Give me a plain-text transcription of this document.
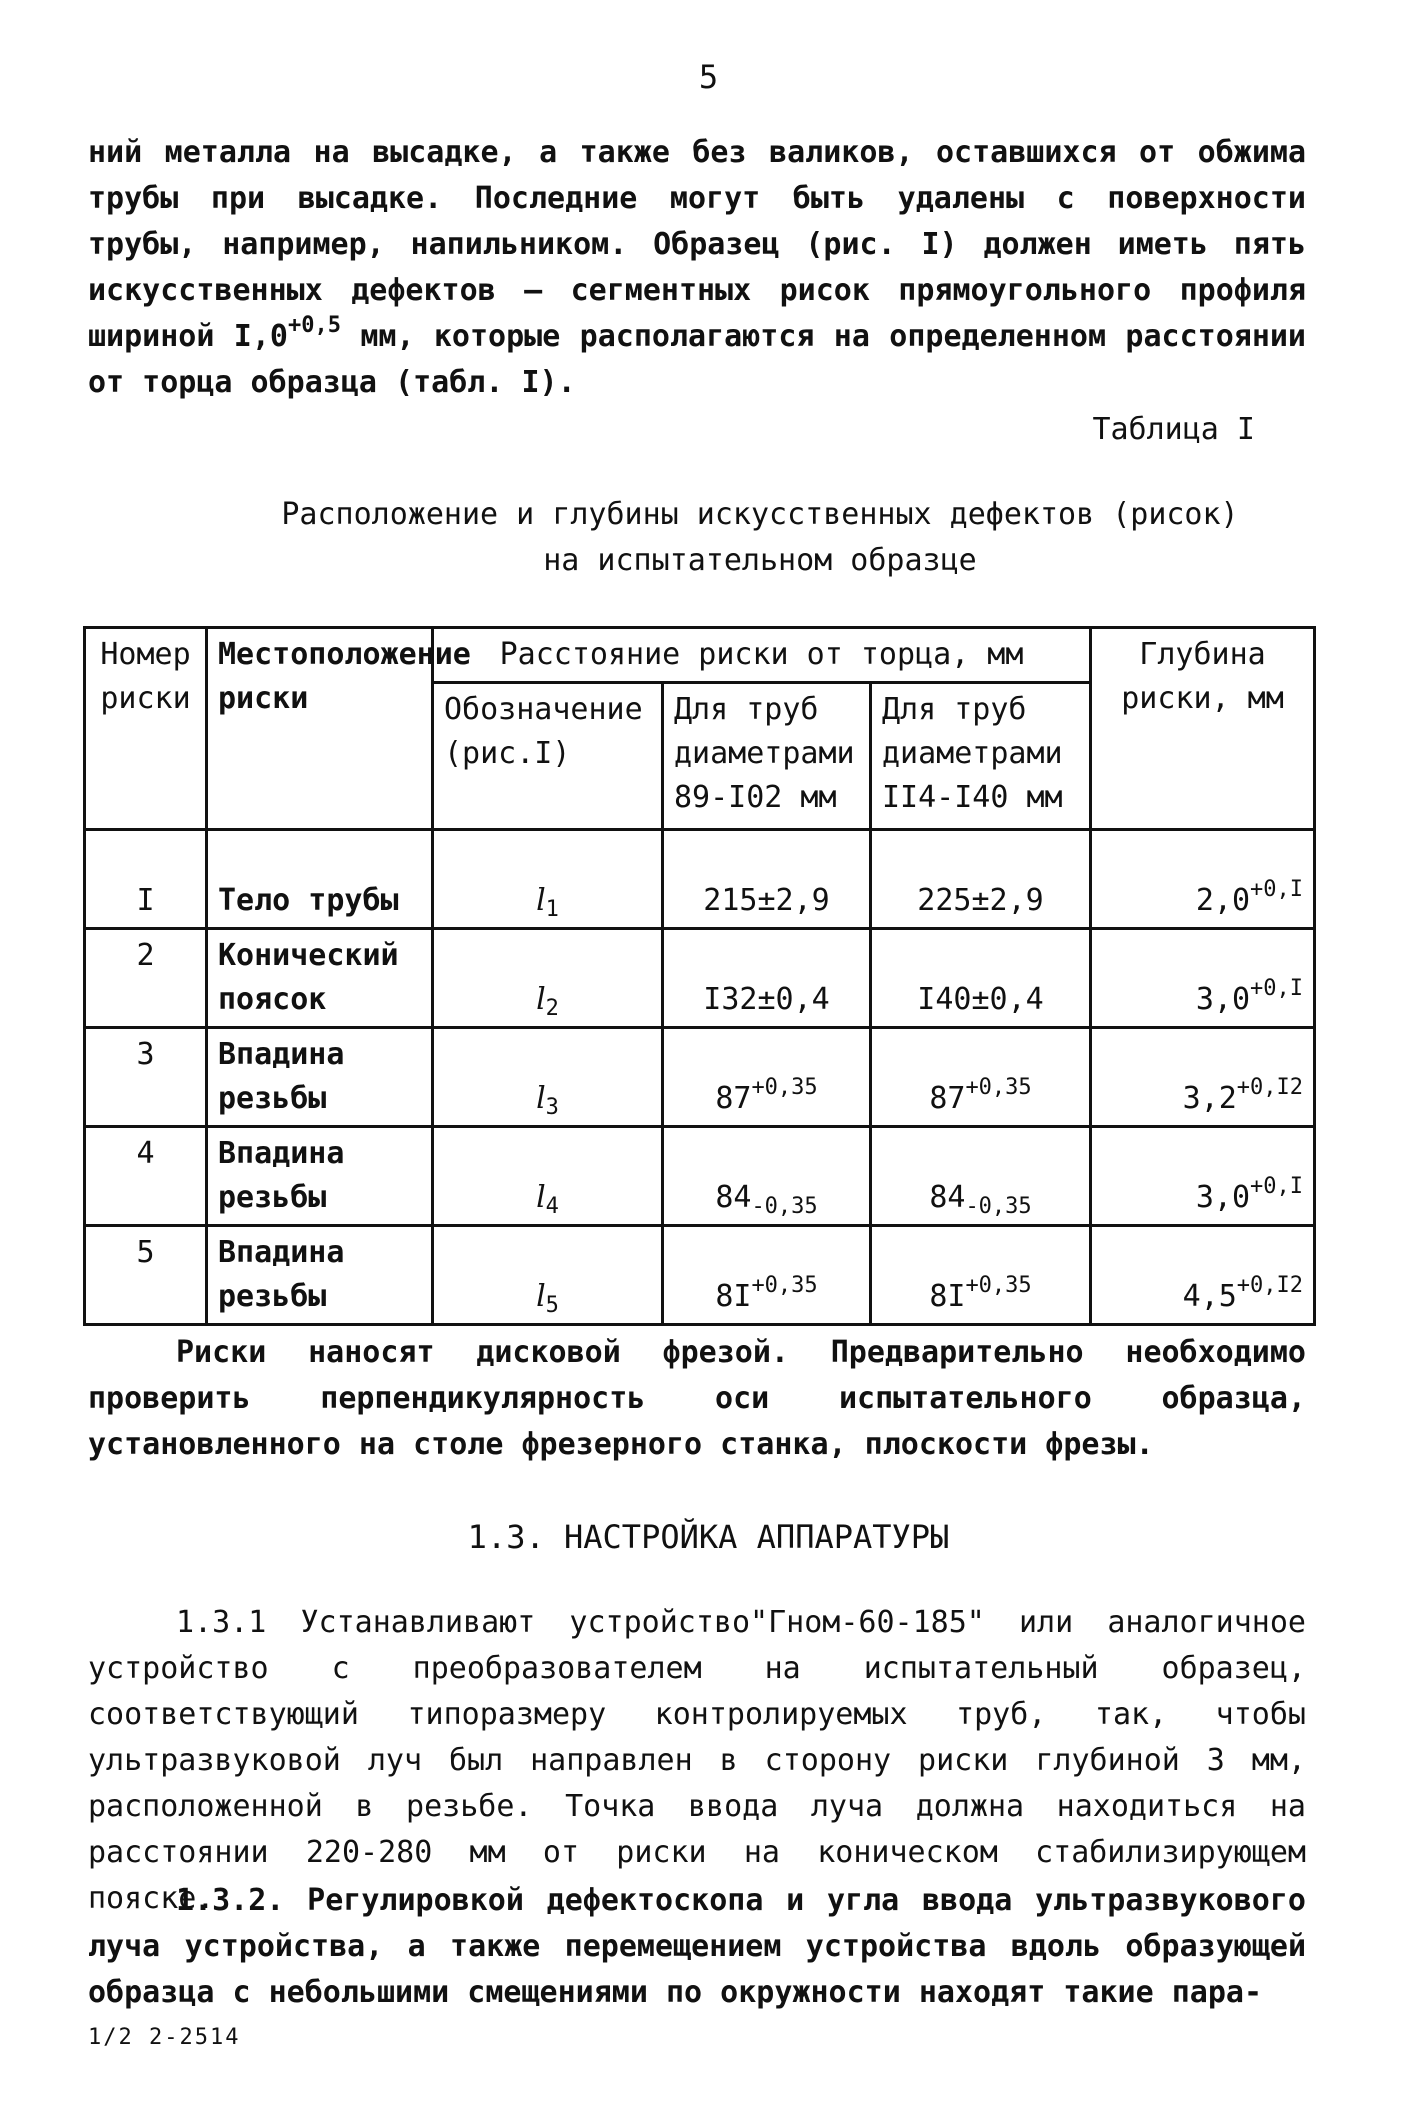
5

ний металла на высадке, а также без валиков, оставшихся от обжима трубы при высадке. Последние могут быть удалены с поверхности трубы, например, напильником. Образец (рис. I) должен иметь пять искусственных дефектов – сегментных рисок прямоугольного профиля шириной $I,0^{+0,5}$ мм, которые располагаются на определенном расстоянии от торца образца (табл. I).

Таблица I
Расположение и глубины искусственных дефектов (рисок)
на испытательном образце
Номер риски	Местоположение риски	Расстояние риски от торца, мм			Глубина риски, мм
		Обозначение (рис.I)	Для труб диаметрами 89-I02 мм	Для труб диаметрами II4-I40 мм	
I	Тело трубы	$l_1$	215±2,9	225±2,9	$2,0^{+0,I}$
2	Конический поясок	$l_2$	I32±0,4	I40±0,4	$3,0^{+0,I}$
3	Впадина резьбы	$l_3$	$87^{+0,35}$	$87^{+0,35}$	$3,2^{+0,I2}$
4	Впадина резьбы	$l_4$	$84_{-0,35}$	$84_{-0,35}$	$3,0^{+0,I}$
5	Впадина резьбы	$l_5$	$8I^{+0,35}$	$8I^{+0,35}$	$4,5^{+0,I2}$
Риски наносят дисковой фрезой. Предварительно необходимо проверить перпендикулярность оси испытательного образца, установленного на столе фрезерного станка, плоскости фрезы.
1.3. НАСТРОЙКА АППАРАТУРЫ
1.3.1 Устанавливают устройство"Гном-60-185" или аналогичное устройство с преобразователем на испытательный образец, соответствующий типоразмеру контролируемых труб, так, чтобы ультразвуковой луч был направлен в сторону риски глубиной 3 мм, расположенной в резьбе. Точка ввода луча должна находиться на расстоянии 220-280 мм от риски на коническом стабилизирующем пояске.
1.3.2. Регулировкой дефектоскопа и угла ввода ультразвукового луча устройства, а также перемещением устройства вдоль образующей образца с небольшими смещениями по окружности находят такие пара-
1/2 2-2514
